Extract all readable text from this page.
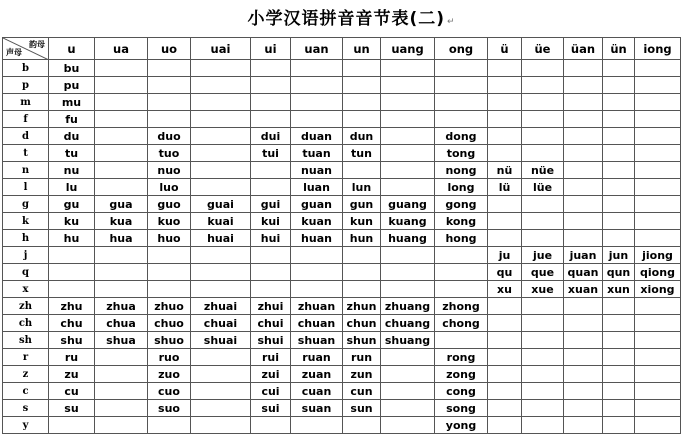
小学汉语拼音音节表(二) ↵
韵母
声母	u	ua	uo	uai	ui	uan	un	uang	ong	ü	üe	üan	ün	iong
b	bu													
p	pu													
m	mu													
f	fu													
d	du		duo		dui	duan	dun		dong					
t	tu		tuo		tui	tuan	tun		tong					
n	nu		nuo			nuan			nong	nü	nüe			
l	lu		luo			luan	lun		long	lü	lüe			
g	gu	gua	guo	guai	gui	guan	gun	guang	gong					
k	ku	kua	kuo	kuai	kui	kuan	kun	kuang	kong					
h	hu	hua	huo	huai	hui	huan	hun	huang	hong					
j										ju	jue	juan	jun	jiong
q										qu	que	quan	qun	qiong
x										xu	xue	xuan	xun	xiong
zh	zhu	zhua	zhuo	zhuai	zhui	zhuan	zhun	zhuang	zhong					
ch	chu	chua	chuo	chuai	chui	chuan	chun	chuang	chong					
sh	shu	shua	shuo	shuai	shui	shuan	shun	shuang						
r	ru		ruo		rui	ruan	run		rong					
z	zu		zuo		zui	zuan	zun		zong					
c	cu		cuo		cui	cuan	cun		cong					
s	su		suo		sui	suan	sun		song					
y									yong					
